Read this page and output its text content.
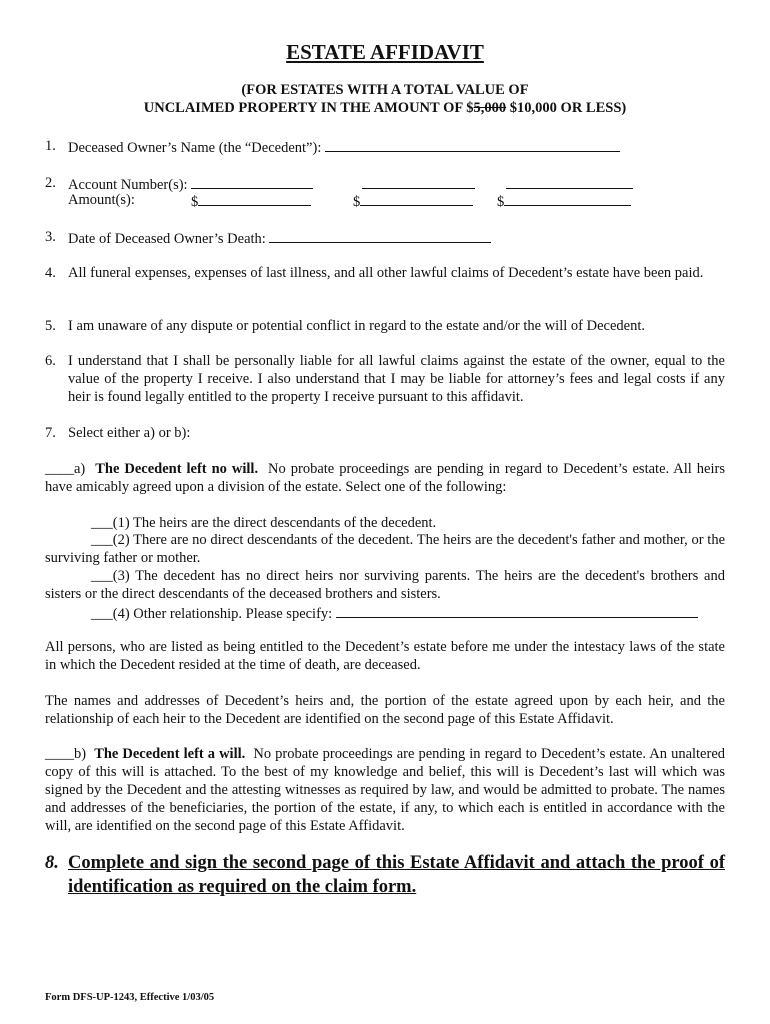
ESTATE AFFIDAVIT
(FOR ESTATES WITH A TOTAL VALUE OF
UNCLAIMED PROPERTY IN THE AMOUNT OF $5,000 $10,000 OR LESS)
1. Deceased Owner’s Name (the “Decedent”):
2. Account Number(s):
Amount(s):	$	$	$
3. Date of Deceased Owner’s Death:
4. All funeral expenses, expenses of last illness, and all other lawful claims of Decedent’s estate have been paid.
5. I am unaware of any dispute or potential conflict in regard to the estate and/or the will of Decedent.
6. I understand that I shall be personally liable for all lawful claims against the estate of the owner, equal to the value of the property I receive. I also understand that I may be liable for attorney’s fees and legal costs if any heir is found legally entitled to the property I receive pursuant to this affidavit.
7. Select either a) or b):
____a) The Decedent left no will. No probate proceedings are pending in regard to Decedent’s estate. All heirs have amicably agreed upon a division of the estate. Select one of the following:
___(1) The heirs are the direct descendants of the decedent.
___(2) There are no direct descendants of the decedent. The heirs are the decedent's father and mother, or the surviving father or mother.
___(3) The decedent has no direct heirs nor surviving parents. The heirs are the decedent's brothers and sisters or the direct descendants of the deceased brothers and sisters.
___(4) Other relationship. Please specify:
All persons, who are listed as being entitled to the Decedent’s estate before me under the intestacy laws of the state in which the Decedent resided at the time of death, are deceased.
The names and addresses of Decedent’s heirs and, the portion of the estate agreed upon by each heir, and the relationship of each heir to the Decedent are identified on the second page of this Estate Affidavit.
____b) The Decedent left a will. No probate proceedings are pending in regard to Decedent’s estate. An unaltered copy of this will is attached. To the best of my knowledge and belief, this will is Decedent’s last will which was signed by the Decedent and the attesting witnesses as required by law, and would be admitted to probate. The names and addresses of the beneficiaries, the portion of the estate, if any, to which each is entitled in accordance with the will, are identified on the second page of this Estate Affidavit.
8. Complete and sign the second page of this Estate Affidavit and attach the proof of identification as required on the claim form.
Form DFS-UP-1243, Effective 1/03/05
